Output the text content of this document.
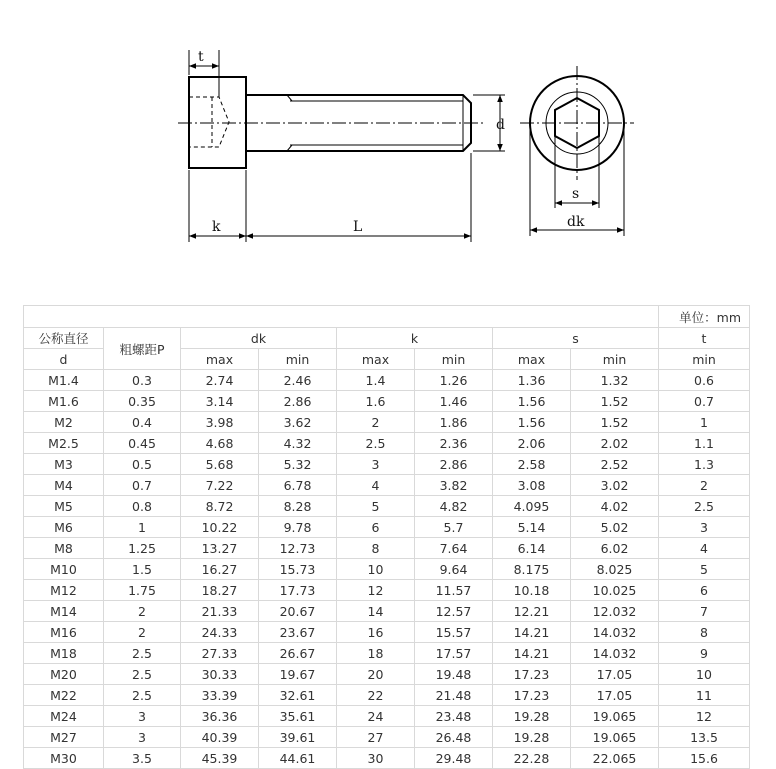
t
d
k	L
s
dk
								单位：mm
公称直径	粗螺距P	dk		k		s		t
d		max	min	max	min	max	min	min
M1.4	0.3	2.74	2.46	1.4	1.26	1.36	1.32	0.6
M1.6	0.35	3.14	2.86	1.6	1.46	1.56	1.52	0.7
M2	0.4	3.98	3.62	2	1.86	1.56	1.52	1
M2.5	0.45	4.68	4.32	2.5	2.36	2.06	2.02	1.1
M3	0.5	5.68	5.32	3	2.86	2.58	2.52	1.3
M4	0.7	7.22	6.78	4	3.82	3.08	3.02	2
M5	0.8	8.72	8.28	5	4.82	4.095	4.02	2.5
M6	1	10.22	9.78	6	5.7	5.14	5.02	3
M8	1.25	13.27	12.73	8	7.64	6.14	6.02	4
M10	1.5	16.27	15.73	10	9.64	8.175	8.025	5
M12	1.75	18.27	17.73	12	11.57	10.18	10.025	6
M14	2	21.33	20.67	14	12.57	12.21	12.032	7
M16	2	24.33	23.67	16	15.57	14.21	14.032	8
M18	2.5	27.33	26.67	18	17.57	14.21	14.032	9
M20	2.5	30.33	19.67	20	19.48	17.23	17.05	10
M22	2.5	33.39	32.61	22	21.48	17.23	17.05	11
M24	3	36.36	35.61	24	23.48	19.28	19.065	12
M27	3	40.39	39.61	27	26.48	19.28	19.065	13.5
M30	3.5	45.39	44.61	30	29.48	22.28	22.065	15.6
